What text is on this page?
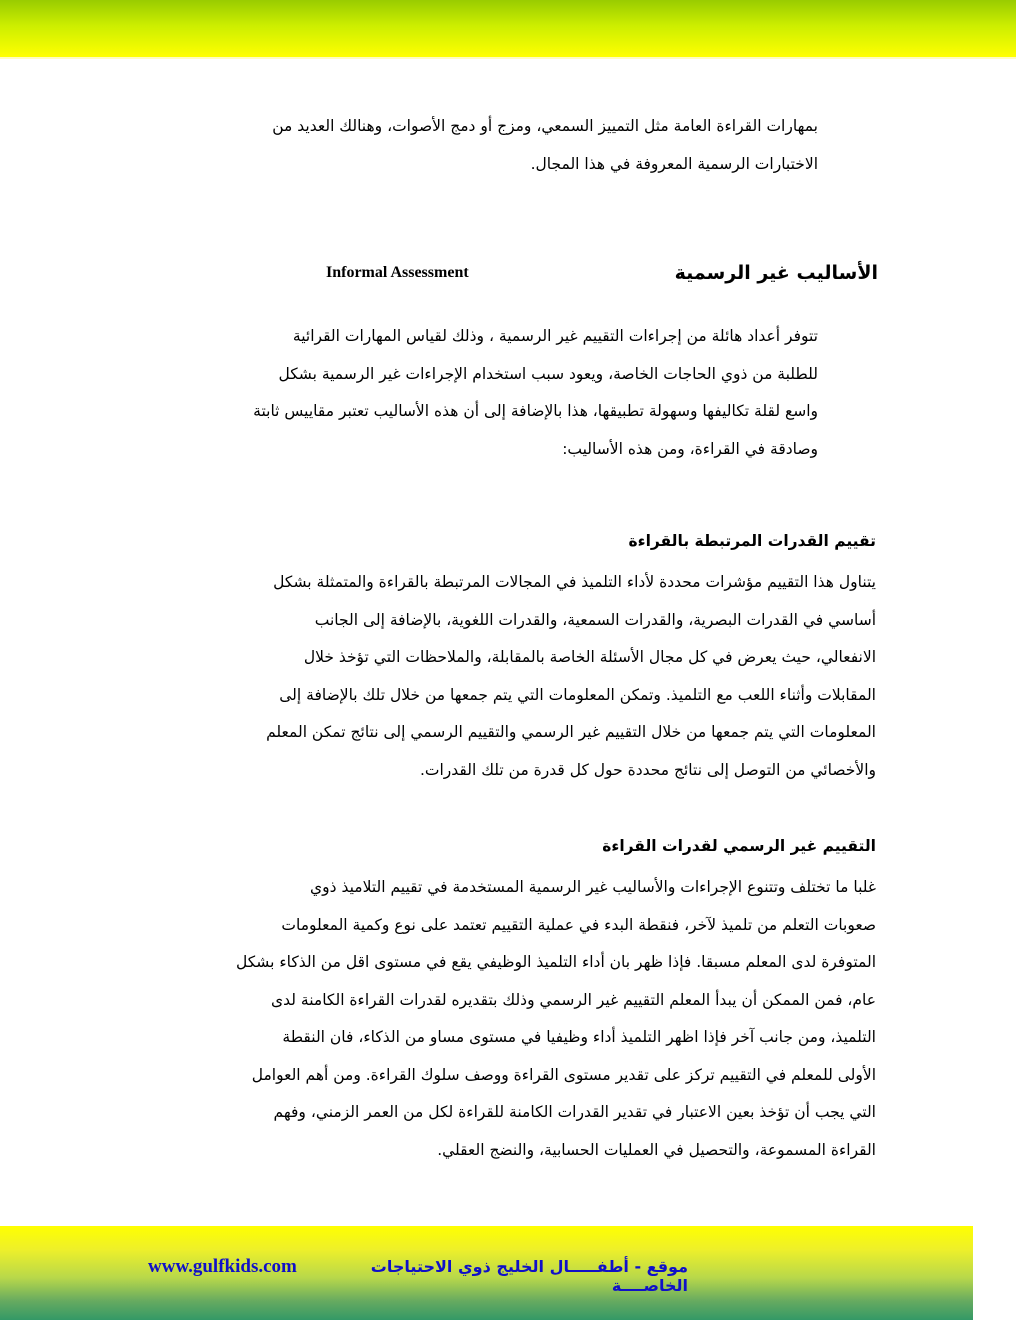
بمهارات القراءة العامة مثل التمييز السمعي، ومزج أو دمج الأصوات، وهنالك العديد من

الاختبارات الرسمية المعروفة في هذا المجال.

Informal Assessment	الأساليب غير الرسمية

تتوفر أعداد هائلة من إجراءات التقييم غير الرسمية ، وذلك لقياس المهارات القرائية

للطلبة من ذوي الحاجات الخاصة، ويعود سبب استخدام الإجراءات غير الرسمية بشكل

واسع لقلة تكاليفها وسهولة تطبيقها، هذا بالإضافة إلى أن هذه الأساليب تعتبر مقاييس ثابتة

وصادقة في القراءة، ومن هذه الأساليب:

تقييم القدرات المرتبطة بالقراءة

يتناول هذا التقييم مؤشرات محددة لأداء التلميذ في المجالات المرتبطة بالقراءة والمتمثلة بشكل

أساسي في القدرات البصرية، والقدرات السمعية، والقدرات اللغوية، بالإضافة إلى الجانب

الانفعالي، حيث يعرض في كل مجال الأسئلة الخاصة بالمقابلة، والملاحظات التي تؤخذ خلال

المقابلات وأثناء اللعب مع التلميذ. وتمكن المعلومات التي يتم جمعها من خلال تلك بالإضافة إلى

المعلومات التي يتم جمعها من خلال التقييم غير الرسمي والتقييم الرسمي إلى نتائج تمكن المعلم

والأخصائي من التوصل إلى نتائج محددة حول كل قدرة من تلك القدرات.

التقييم غير الرسمي لقدرات القراءة

غلبا ما تختلف وتتنوع الإجراءات والأساليب غير الرسمية المستخدمة في تقييم التلاميذ ذوي

صعوبات التعلم من تلميذ لآخر، فنقطة البدء في عملية التقييم تعتمد على نوع وكمية المعلومات

المتوفرة لدى المعلم مسبقا. فإذا ظهر بان أداء التلميذ الوظيفي يقع في مستوى اقل من الذكاء بشكل

عام، فمن الممكن أن يبدأ المعلم التقييم غير الرسمي وذلك بتقديره لقدرات القراءة الكامنة لدى

التلميذ، ومن جانب آخر فإذا اظهر التلميذ أداء وظيفيا في مستوى مساو من الذكاء، فان النقطة

الأولى للمعلم في التقييم تركز على تقدير مستوى القراءة ووصف سلوك القراءة. ومن أهم العوامل

التي يجب أن تؤخذ بعين الاعتبار في تقدير القدرات الكامنة للقراءة لكل من العمر الزمني، وفهم

القراءة المسموعة، والتحصيل في العمليات الحسابية، والنضج العقلي.

www.gulfkids.com	موقع - أطفـــــال الخليج ذوي الاحتياجات الخاصــــة
